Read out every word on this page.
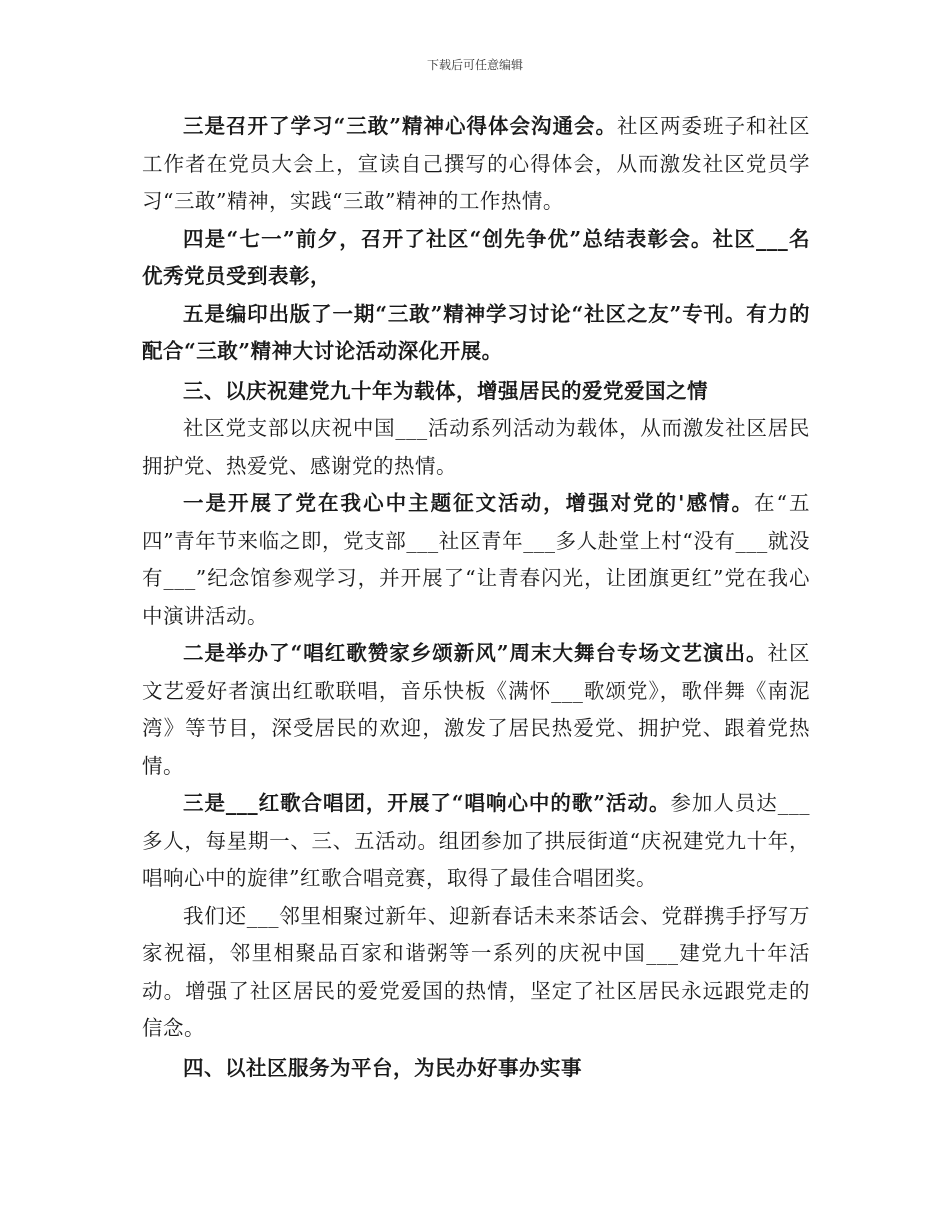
下载后可任意编辑

三是召开了学习“三敢”精神心得体会沟通会。社区两委班子和社区工作者在党员大会上，宣读自己撰写的心得体会，从而激发社区党员学习“三敢”精神，实践“三敢”精神的工作热情。

四是“七一”前夕，召开了社区“创先争优”总结表彰会。社区___名优秀党员受到表彰，

五是编印出版了一期“三敢”精神学习讨论“社区之友”专刊。有力的配合“三敢”精神大讨论活动深化开展。

三、以庆祝建党九十年为载体，增强居民的爱党爱国之情

社区党支部以庆祝中国___活动系列活动为载体，从而激发社区居民拥护党、热爱党、感谢党的热情。

一是开展了党在我心中主题征文活动，增强对党的'感情。在“五四”青年节来临之即，党支部___社区青年___多人赴堂上村“没有___就没有___”纪念馆参观学习，并开展了“让青春闪光，让团旗更红”党在我心中演讲活动。

二是举办了“唱红歌赞家乡颂新风”周末大舞台专场文艺演出。社区文艺爱好者演出红歌联唱，音乐快板《满怀___歌颂党》，歌伴舞《南泥湾》等节目，深受居民的欢迎，激发了居民热爱党、拥护党、跟着党热情。

三是___红歌合唱团，开展了“唱响心中的歌”活动。参加人员达___多人，每星期一、三、五活动。组团参加了拱辰街道“庆祝建党九十年，唱响心中的旋律”红歌合唱竞赛，取得了最佳合唱团奖。

我们还___邻里相聚过新年、迎新春话未来茶话会、党群携手抒写万家祝福，邻里相聚品百家和谐粥等一系列的庆祝中国___建党九十年活动。增强了社区居民的爱党爱国的热情，坚定了社区居民永远跟党走的信念。

四、以社区服务为平台，为民办好事办实事
